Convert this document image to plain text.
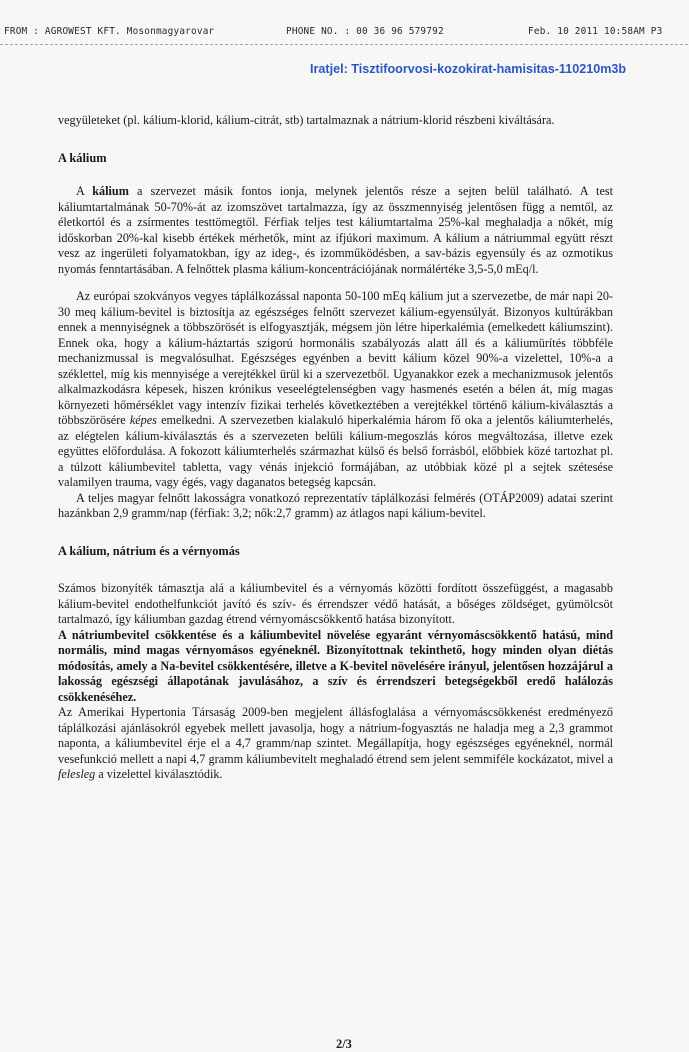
FROM : AGROWEST KFT. Mosonmagyarovar

	PHONE NO. : 00 36 96 579792

	Feb. 10 2011 10:58AM P3

Iratjel: Tisztifoorvosi-kozokirat-hamisitas-110210m3b

vegyületeket (pl. kálium-klorid, kálium-citrát, stb) tartalmaznak a nátrium-klorid részbeni kiváltására.

A kálium

A kálium a szervezet másik fontos ionja, melynek jelentős része a sejten belül található. A test káliumtartalmának 50-70%-át az izomszövet tartalmazza, így az összmennyiség jelentősen függ a nemtől, az életkortól és a zsírmentes testtömegtől. Férfiak teljes test káliumtartalma 25%-kal meghaladja a nőkét, míg időskorban 20%-kal kisebb értékek mérhetők, mint az ifjúkori maximum. A kálium a nátriummal együtt részt vesz az ingerületi folyamatokban, így az ideg-, és izomműködésben, a sav-bázis egyensúly és az ozmotikus nyomás fenntartásában. A felnőttek plasma kálium-koncentrációjának normálértéke 3,5-5,0 mEq/l.

Az európai szokványos vegyes táplálkozással naponta 50-100 mEq kálium jut a szervezetbe, de már napi 20-30 meq kálium-bevitel is biztosítja az egészséges felnőtt szervezet kálium-egyensúlyát. Bizonyos kultúrákban ennek a mennyiségnek a többszörösét is elfogyasztják, mégsem jön létre hiperkalémia (emelkedett káliumszint). Ennek oka, hogy a kálium-háztartás szigorú hormonális szabályozás alatt áll és a káliumürítés többféle mechanizmussal is megvalósulhat. Egészséges egyénben a bevitt kálium közel 90%-a vizelettel, 10%-a a széklettel, míg kis mennyisége a verejtékkel ürül ki a szervezetből. Ugyanakkor ezek a mechanizmusok jelentős alkalmazkodásra képesek, hiszen krónikus veseelégtelenségben vagy hasmenés esetén a bélen át, míg magas környezeti hőmérséklet vagy intenzív fizikai terhelés következtében a verejtékkel történő kálium-kiválasztás a többszörösére képes emelkedni. A szervezetben kialakuló hiperkalémia három fő oka a jelentős káliumterhelés, az elégtelen kálium-kiválasztás és a szervezeten belüli kálium-megoszlás kóros megváltozása, illetve ezek együttes előfordulása. A fokozott káliumterhelés származhat külső és belső forrásból, előbbiek közé tartozhat pl. a túlzott káliumbevitel tabletta, vagy vénás injekció formájában, az utóbbiak közé pl a sejtek szétesése valamilyen trauma, vagy égés, vagy daganatos betegség kapcsán.

A teljes magyar felnőtt lakosságra vonatkozó reprezentatív táplálkozási felmérés (OTÁP2009) adatai szerint hazánkban 2,9 gramm/nap (férfiak: 3,2; nők:2,7 gramm) az átlagos napi kálium-bevitel.

A kálium, nátrium és a vérnyomás

Számos bizonyíték támasztja alá a káliumbevitel és a vérnyomás közötti fordított összefüggést, a magasabb kálium-bevitel endothelfunkciót javító és szív- és érrendszer védő hatását, a bőséges zöldséget, gyümölcsöt tartalmazó, így káliumban gazdag étrend vérnyomáscsökkentő hatása bizonyított.

A nátriumbevitel csökkentése és a káliumbevitel növelése egyaránt vérnyomáscsökkentő hatású, mind normális, mind magas vérnyomásos egyéneknél. Bizonyítottnak tekinthető, hogy minden olyan diétás módosítás, amely a Na-bevitel csökkentésére, illetve a K-bevitel növelésére irányul, jelentősen hozzájárul a lakosság egészségi állapotának javulásához, a szív és érrendszeri betegségekből eredő halálozás csökkenéséhez.

Az Amerikai Hypertonia Társaság 2009-ben megjelent állásfoglalása a vérnyomáscsökkenést eredményező táplálkozási ajánlásokról egyebek mellett javasolja, hogy a nátrium-fogyasztás ne haladja meg a 2,3 grammot naponta, a káliumbevitel érje el a 4,7 gramm/nap szintet. Megállapítja, hogy egészséges egyéneknél, normál vesefunkció mellett a napi 4,7 gramm káliumbevitelt meghaladó étrend sem jelent semmiféle kockázatot, mivel a felesleg a vizelettel kiválasztódik.

2/3
